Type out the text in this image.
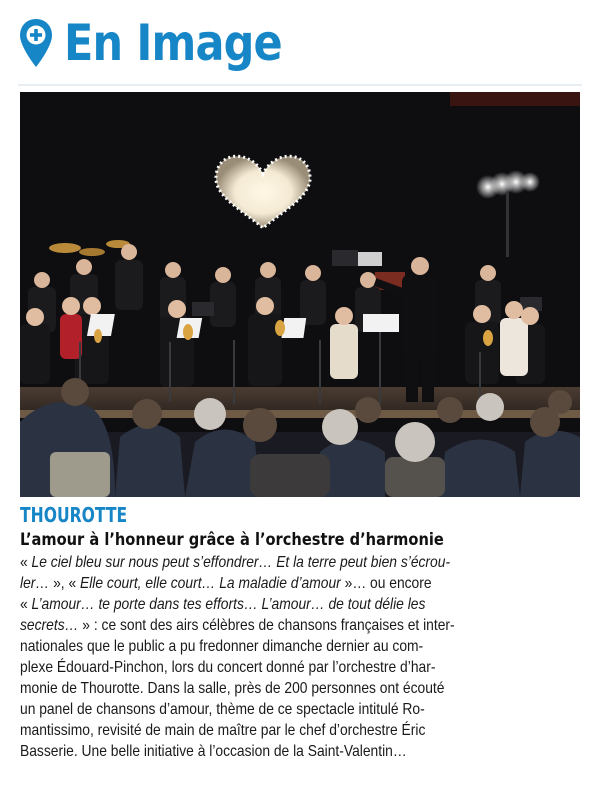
En Image
THOUROTTE
L’amour à l’honneur grâce à l’orchestre d’harmonie
« Le ciel bleu sur nous peut s’effondrer… Et la terre peut bien s’écrou-
ler… », « Elle court, elle court… La maladie d’amour »… ou encore
« L’amour… te porte dans tes efforts… L’amour… de tout délie les
secrets… » : ce sont des airs célèbres de chansons françaises et inter-
nationales que le public a pu fredonner dimanche dernier au com-
plexe Édouard-Pinchon, lors du concert donné par l’orchestre d’har-
monie de Thourotte. Dans la salle, près de 200 personnes ont écouté
un panel de chansons d’amour, thème de ce spectacle intitulé Ro-
mantissimo, revisité de main de maître par le chef d’orchestre Éric
Basserie. Une belle initiative à l’occasion de la Saint-Valentin…
